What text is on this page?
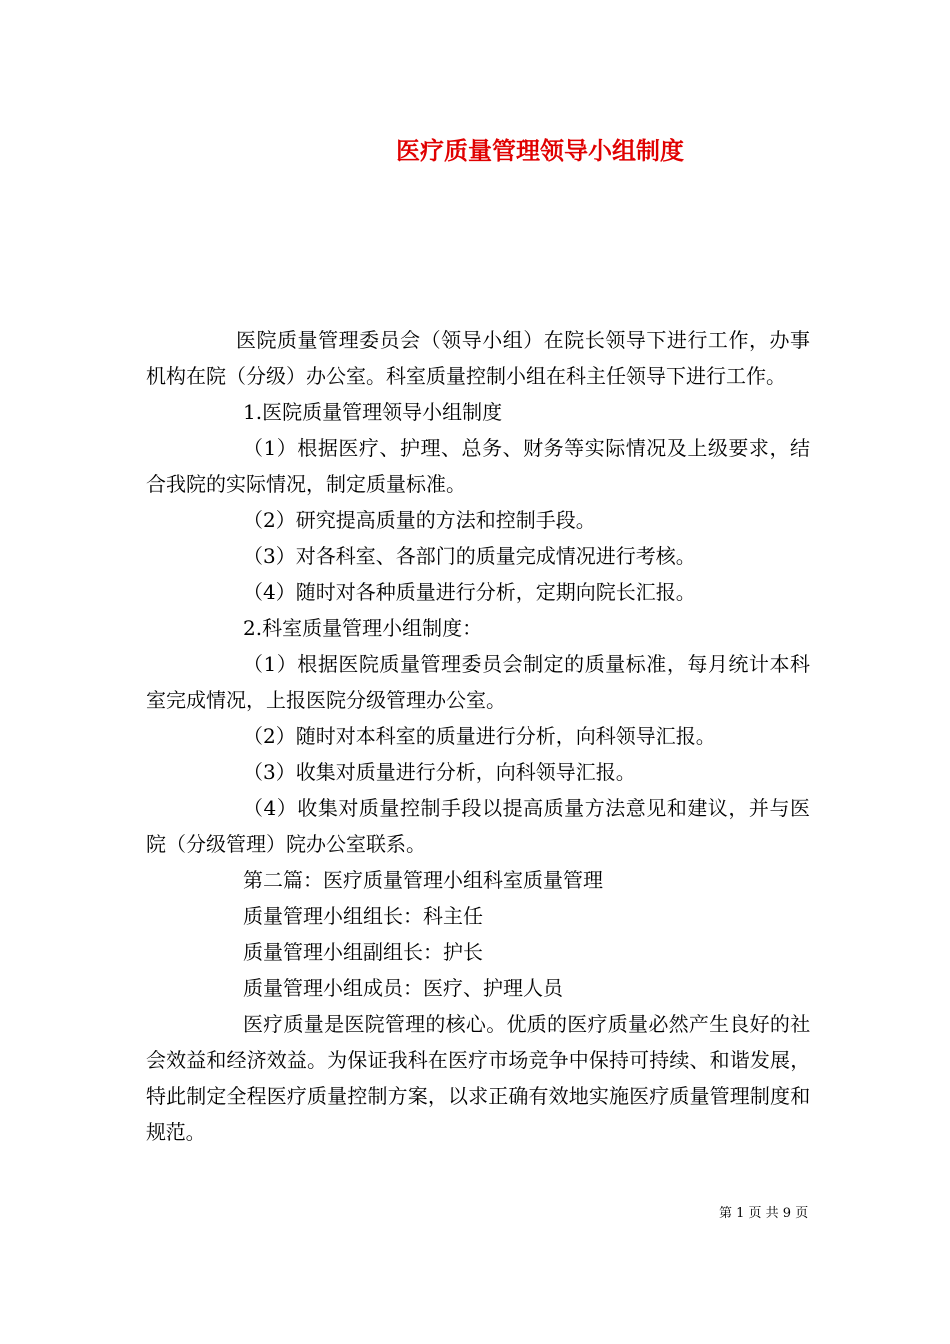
医疗质量管理领导小组制度

医院质量管理委员会（领导小组）在院长领导下进行工作，办事机构在院（分级）办公室。科室质量控制小组在科主任领导下进行工作。

1.医院质量管理领导小组制度

（1）根据医疗、护理、总务、财务等实际情况及上级要求，结合我院的实际情况，制定质量标准。

（2）研究提高质量的方法和控制手段。

（3）对各科室、各部门的质量完成情况进行考核。

（4）随时对各种质量进行分析，定期向院长汇报。

2.科室质量管理小组制度：

（1）根据医院质量管理委员会制定的质量标准，每月统计本科室完成情况，上报医院分级管理办公室。

（2）随时对本科室的质量进行分析，向科领导汇报。

（3）收集对质量进行分析，向科领导汇报。

（4）收集对质量控制手段以提高质量方法意见和建议，并与医院（分级管理）院办公室联系。

第二篇：医疗质量管理小组科室质量管理

质量管理小组组长：科主任

质量管理小组副组长：护长

质量管理小组成员：医疗、护理人员

医疗质量是医院管理的核心。优质的医疗质量必然产生良好的社会效益和经济效益。为保证我科在医疗市场竞争中保持可持续、和谐发展，特此制定全程医疗质量控制方案，以求正确有效地实施医疗质量管理制度和规范。

第 1 页 共 9 页
